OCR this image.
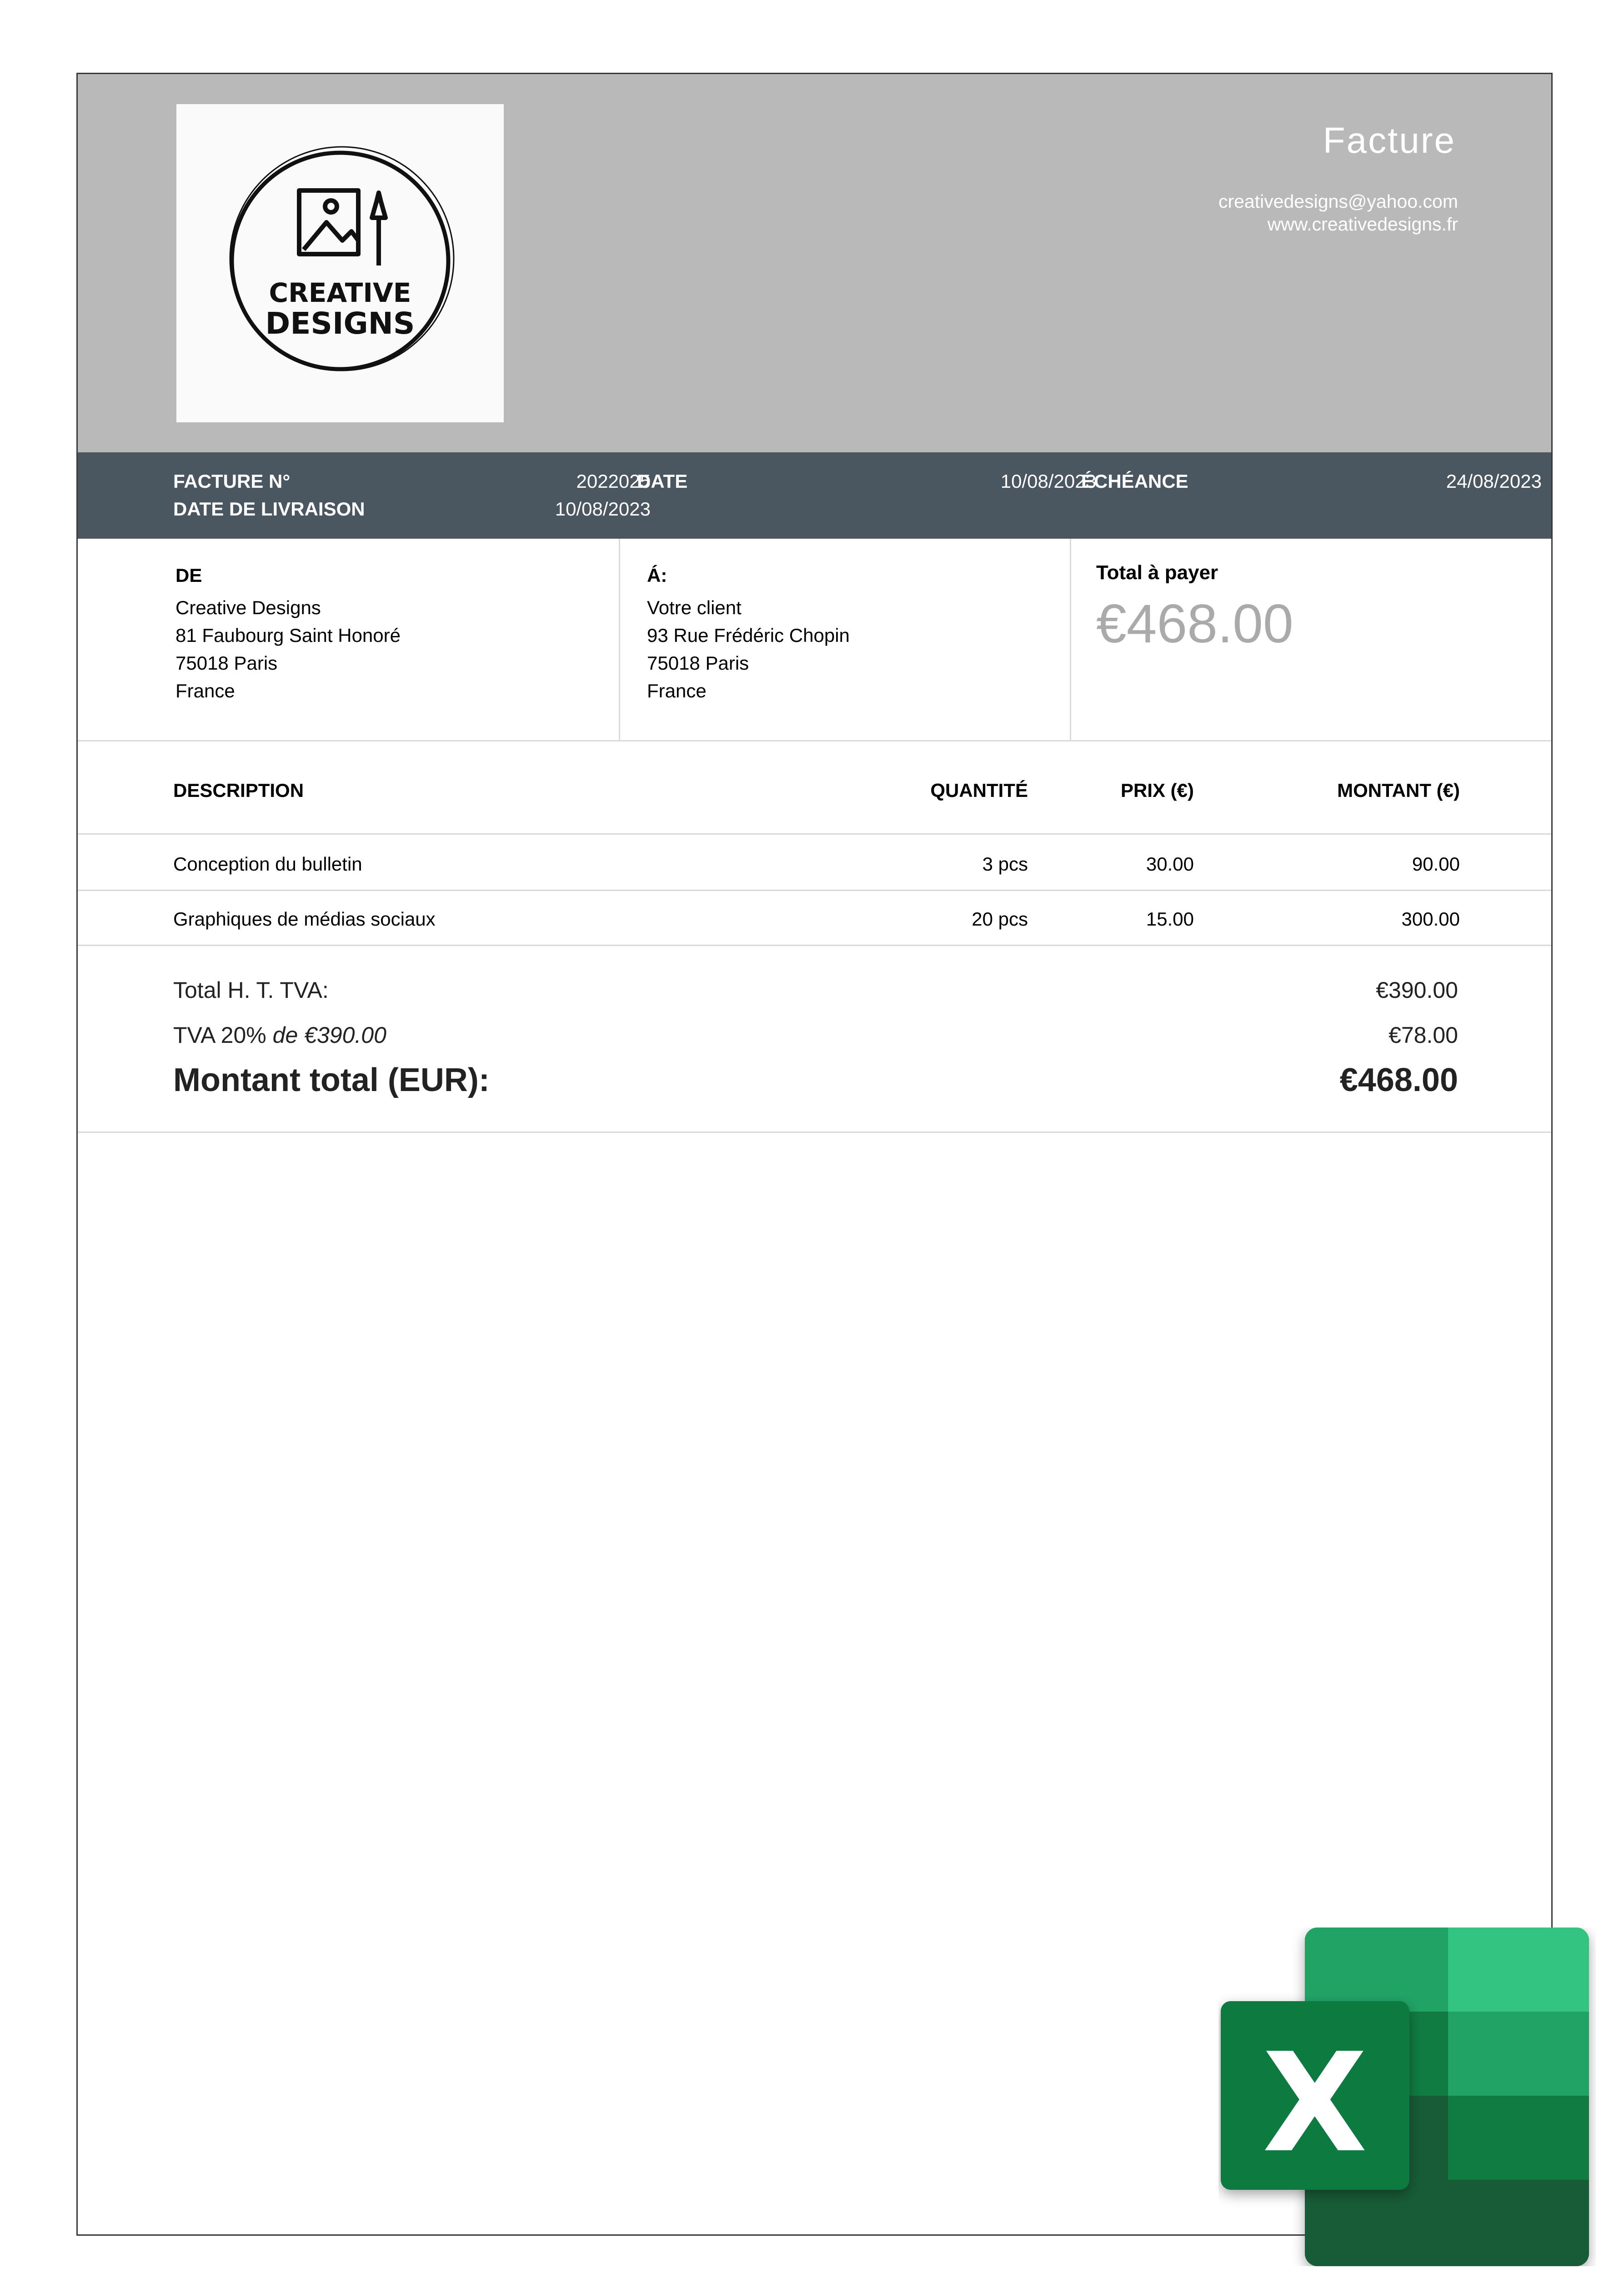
CREATIVE
DESIGNS
Facture
creativedesigns@yahoo.com
www.creativedesigns.fr
FACTURE N°	2022025
DATE DE LIVRAISON	10/08/2023
DATE	10/08/2023
ÉCHÉANCE	24/08/2023
DE
Creative Designs
81 Faubourg Saint Honoré
75018 Paris
France
Á:
Votre client
93 Rue Frédéric Chopin
75018 Paris
France
Total à payer
€468.00
DESCRIPTION	QUANTITÉ	PRIX (€)	MONTANT (€)
Conception du bulletin	3 pcs	30.00	90.00
Graphiques de médias sociaux	20 pcs	15.00	300.00
Total H. T. TVA:	€390.00
TVA 20% de €390.00	€78.00
Montant total (EUR):	€468.00
X
